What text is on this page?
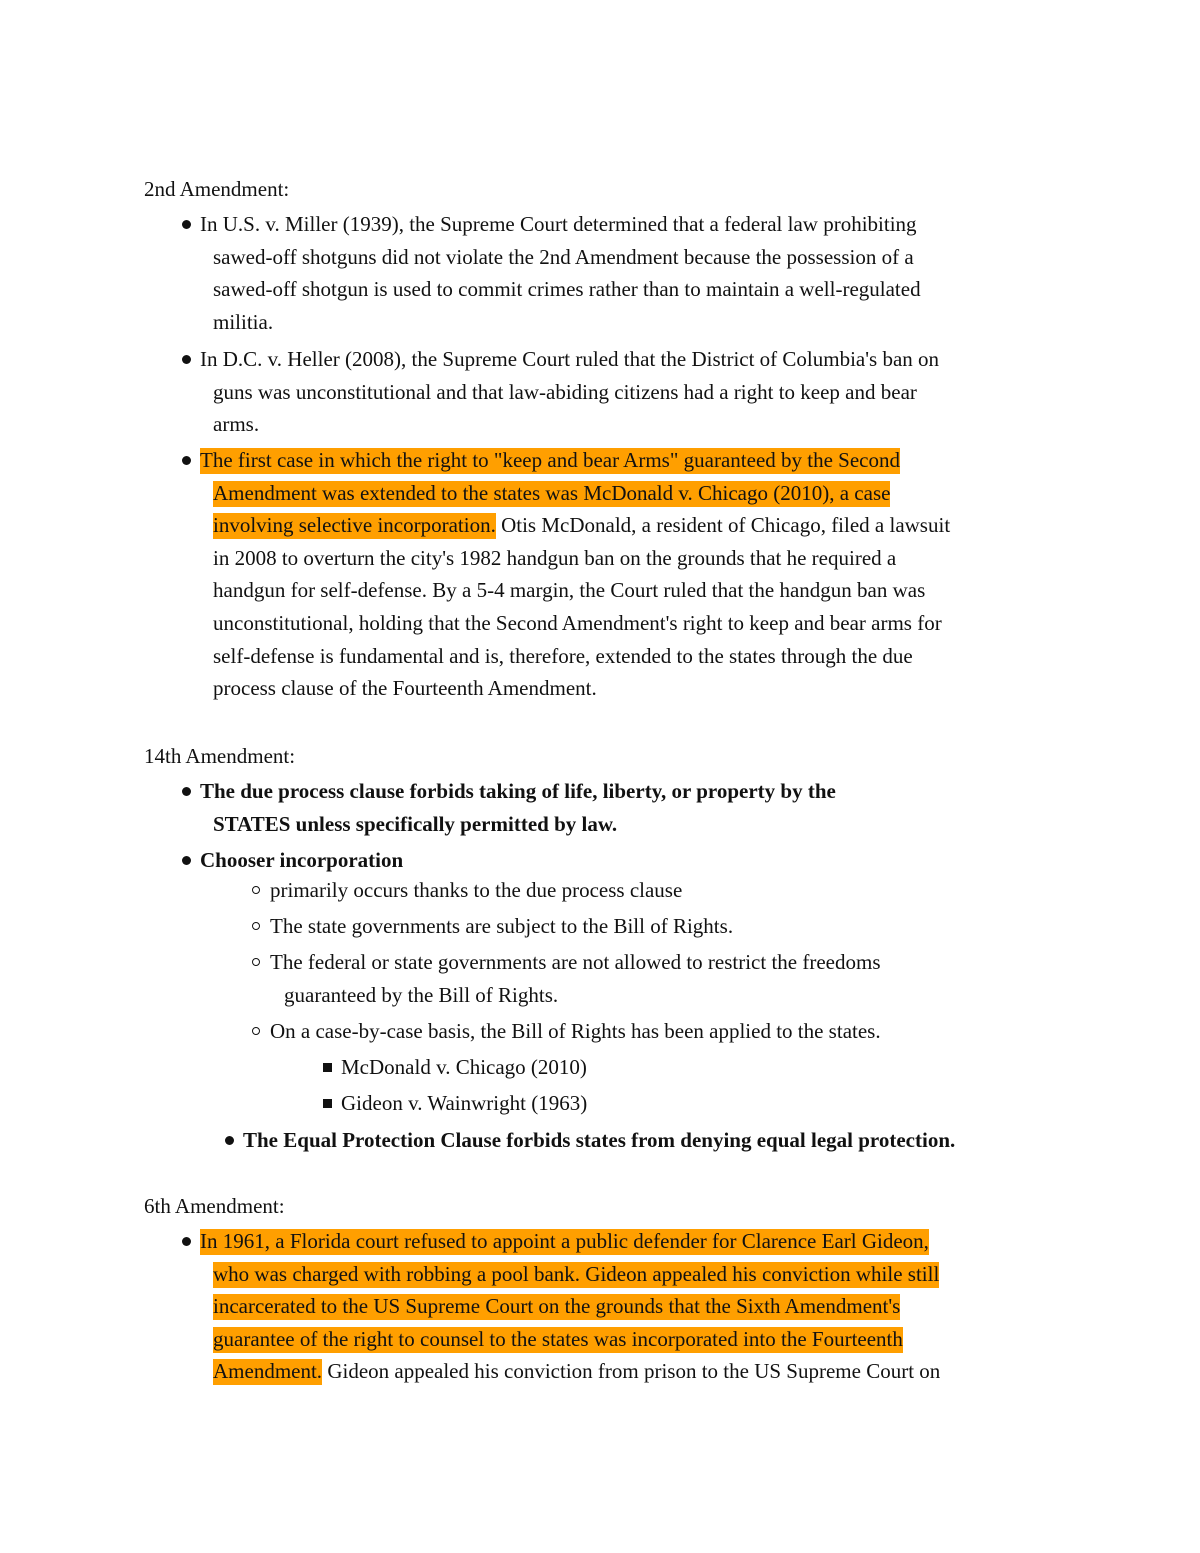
2nd Amendment:
In U.S. v. Miller (1939), the Supreme Court determined that a federal law prohibiting
sawed-off shotguns did not violate the 2nd Amendment because the possession of a
sawed-off shotgun is used to commit crimes rather than to maintain a well-regulated
militia.
In D.C. v. Heller (2008), the Supreme Court ruled that the District of Columbia's ban on
guns was unconstitutional and that law-abiding citizens had a right to keep and bear
arms.
The first case in which the right to "keep and bear Arms" guaranteed by the Second
Amendment was extended to the states was McDonald v. Chicago (2010), a case
involving selective incorporation. Otis McDonald, a resident of Chicago, filed a lawsuit
in 2008 to overturn the city's 1982 handgun ban on the grounds that he required a
handgun for self-defense. By a 5-4 margin, the Court ruled that the handgun ban was
unconstitutional, holding that the Second Amendment's right to keep and bear arms for
self-defense is fundamental and is, therefore, extended to the states through the due
process clause of the Fourteenth Amendment.
14th Amendment:
The due process clause forbids taking of life, liberty, or property by the
STATES unless specifically permitted by law.
Chooser incorporation
primarily occurs thanks to the due process clause
The state governments are subject to the Bill of Rights.
The federal or state governments are not allowed to restrict the freedoms
guaranteed by the Bill of Rights.
On a case-by-case basis, the Bill of Rights has been applied to the states.
McDonald v. Chicago (2010)
Gideon v. Wainwright (1963)
The Equal Protection Clause forbids states from denying equal legal protection.
6th Amendment:
In 1961, a Florida court refused to appoint a public defender for Clarence Earl Gideon,
who was charged with robbing a pool bank. Gideon appealed his conviction while still
incarcerated to the US Supreme Court on the grounds that the Sixth Amendment's
guarantee of the right to counsel to the states was incorporated into the Fourteenth
Amendment. Gideon appealed his conviction from prison to the US Supreme Court on
